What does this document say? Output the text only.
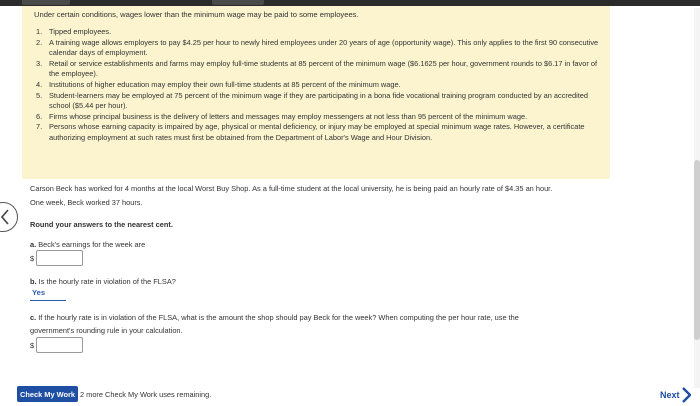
Under certain conditions, wages lower than the minimum wage may be paid to some employees.
1. Tipped employees.
2. A training wage allows employers to pay $4.25 per hour to newly hired employees under 20 years of age (opportunity wage). This only applies to the first 90 consecutive calendar days of employment.
3. Retail or service establishments and farms may employ full-time students at 85 percent of the minimum wage ($6.1625 per hour, government rounds to $6.17 in favor of the employee).
4. Institutions of higher education may employ their own full-time students at 85 percent of the minimum wage.
5. Student-learners may be employed at 75 percent of the minimum wage if they are participating in a bona fide vocational training program conducted by an accredited school ($5.44 per hour).
6. Firms whose principal business is the delivery of letters and messages may employ messengers at not less than 95 percent of the minimum wage.
7. Persons whose earning capacity is impaired by age, physical or mental deficiency, or injury may be employed at special minimum wage rates. However, a certificate authorizing employment at such rates must first be obtained from the Department of Labor's Wage and Hour Division.
Carson Beck has worked for 4 months at the local Worst Buy Shop. As a full-time student at the local university, he is being paid an hourly rate of $4.35 an hour.
One week, Beck worked 37 hours.
Round your answers to the nearest cent.
a. Beck's earnings for the week are
$
b. Is the hourly rate in violation of the FLSA?
Yes
c. If the hourly rate is in violation of the FLSA, what is the amount the shop should pay Beck for the week? When computing the per hour rate, use the
government's rounding rule in your calculation.
$
Check My Work 2 more Check My Work uses remaining.	Next
